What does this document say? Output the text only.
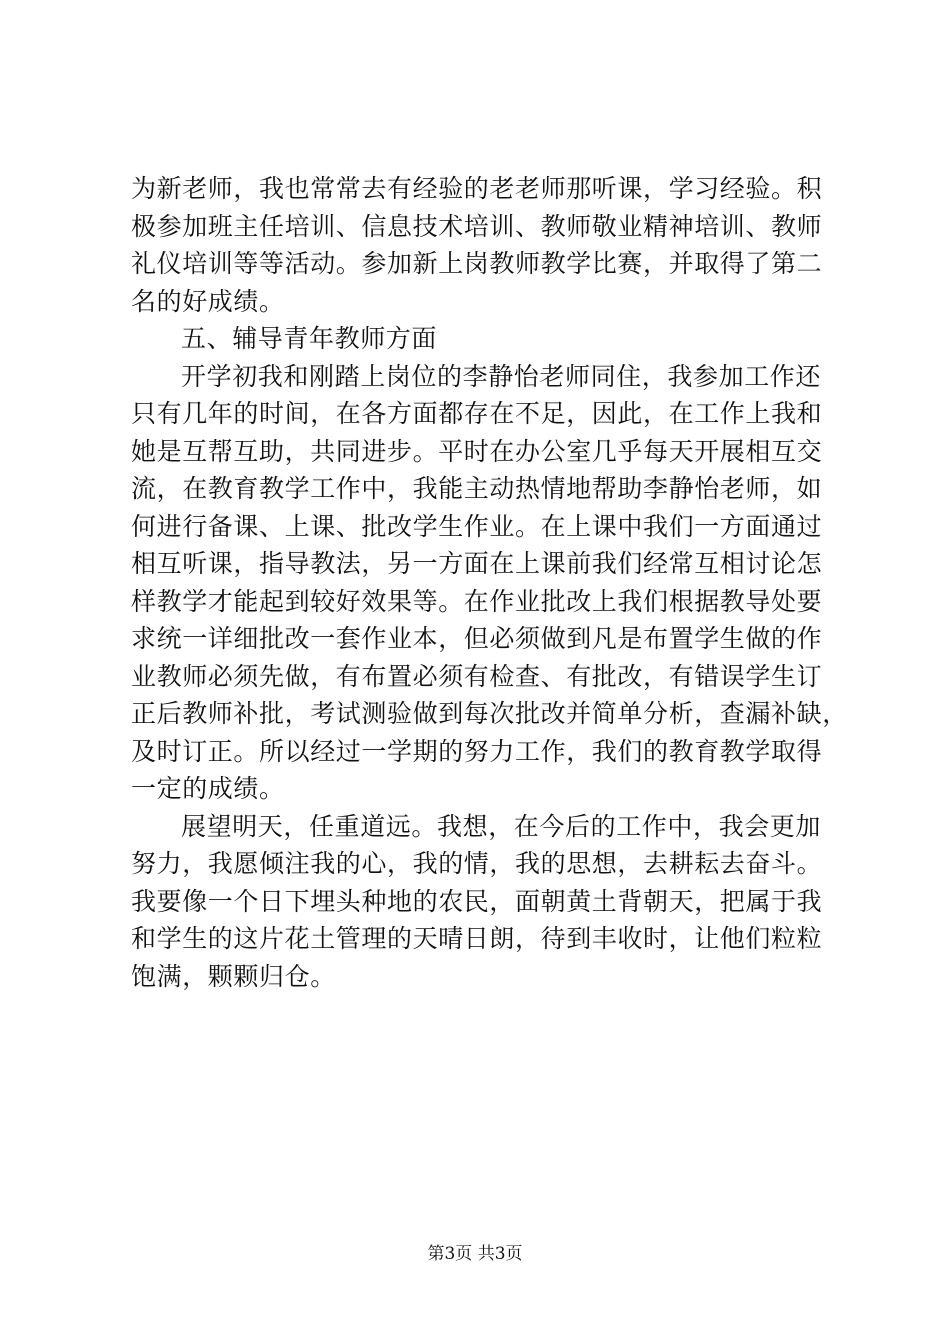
为新老师，我也常常去有经验的老老师那听课，学习经验。积
极参加班主任培训、信息技术培训、教师敬业精神培训、教师
礼仪培训等等活动。参加新上岗教师教学比赛，并取得了第二
名的好成绩。
五、辅导青年教师方面
开学初我和刚踏上岗位的李静怡老师同住，我参加工作还
只有几年的时间，在各方面都存在不足，因此，在工作上我和
她是互帮互助，共同进步。平时在办公室几乎每天开展相互交
流，在教育教学工作中，我能主动热情地帮助李静怡老师，如
何进行备课、上课、批改学生作业。在上课中我们一方面通过
相互听课，指导教法，另一方面在上课前我们经常互相讨论怎
样教学才能起到较好效果等。在作业批改上我们根据教导处要
求统一详细批改一套作业本，但必须做到凡是布置学生做的作
业教师必须先做，有布置必须有检查、有批改，有错误学生订
正后教师补批，考试测验做到每次批改并简单分析，查漏补缺，
及时订正。所以经过一学期的努力工作，我们的教育教学取得
一定的成绩。
展望明天，任重道远。我想，在今后的工作中，我会更加
努力，我愿倾注我的心，我的情，我的思想，去耕耘去奋斗。
我要像一个日下埋头种地的农民，面朝黄土背朝天，把属于我
和学生的这片花土管理的天晴日朗，待到丰收时，让他们粒粒
饱满，颗颗归仓。
第3页 共3页
